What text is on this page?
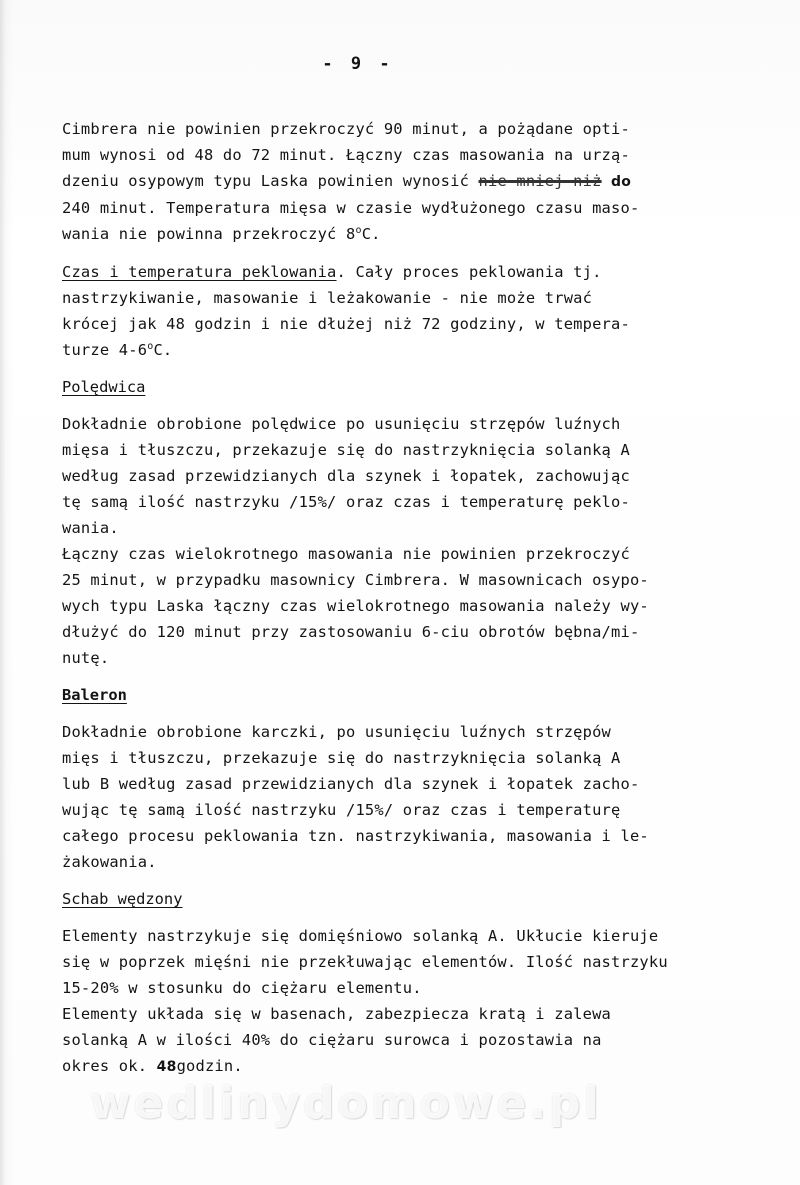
- 9 -

Cimbrera nie powinien przekroczyć 90 minut, a pożądane opti-

mum wynosi od 48 do 72 minut. Łączny czas masowania na urzą-

dzeniu osypowym typu Laska powinien wynosić nie mniej niż do

240 minut. Temperatura mięsa w czasie wydłużonego czasu maso-

wania nie powinna przekroczyć 8$^o$C.

Czas i temperatura peklowania. Cały proces peklowania tj.

nastrzykiwanie, masowanie i leżakowanie - nie może trwać

krócej jak 48 godzin i nie dłużej niż 72 godziny, w tempera-

turze 4-6$^o$C.

Polędwica

Dokładnie obrobione polędwice po usunięciu strzępów luźnych

mięsa i tłuszczu, przekazuje się do nastrzyknięcia solanką A

według zasad przewidzianych dla szynek i łopatek, zachowując

tę samą ilość nastrzyku /15%/ oraz czas i temperaturę peklo-

wania.

Łączny czas wielokrotnego masowania nie powinien przekroczyć

25 minut, w przypadku masownicy Cimbrera. W masownicach osypo-

wych typu Laska łączny czas wielokrotnego masowania należy wy-

dłużyć do 120 minut przy zastosowaniu 6-ciu obrotów bębna/mi-

nutę.

Baleron

Dokładnie obrobione karczki, po usunięciu luźnych strzępów

mięs i tłuszczu, przekazuje się do nastrzyknięcia solanką A

lub B według zasad przewidzianych dla szynek i łopatek zacho-

wując tę samą ilość nastrzyku /15%/ oraz czas i temperaturę

całego procesu peklowania tzn. nastrzykiwania, masowania i le-

żakowania.

Schab wędzony

Elementy nastrzykuje się domięśniowo solanką A. Ukłucie kieruje

się w poprzek mięśni nie przekłuwając elementów. Ilość nastrzyku

15-20% w stosunku do ciężaru elementu.

Elementy układa się w basenach, zabezpiecza kratą i zalewa

solanką A w ilości 40% do ciężaru surowca i pozostawia na

okres ok. 48godzin.

wedlinydomowe.pl
